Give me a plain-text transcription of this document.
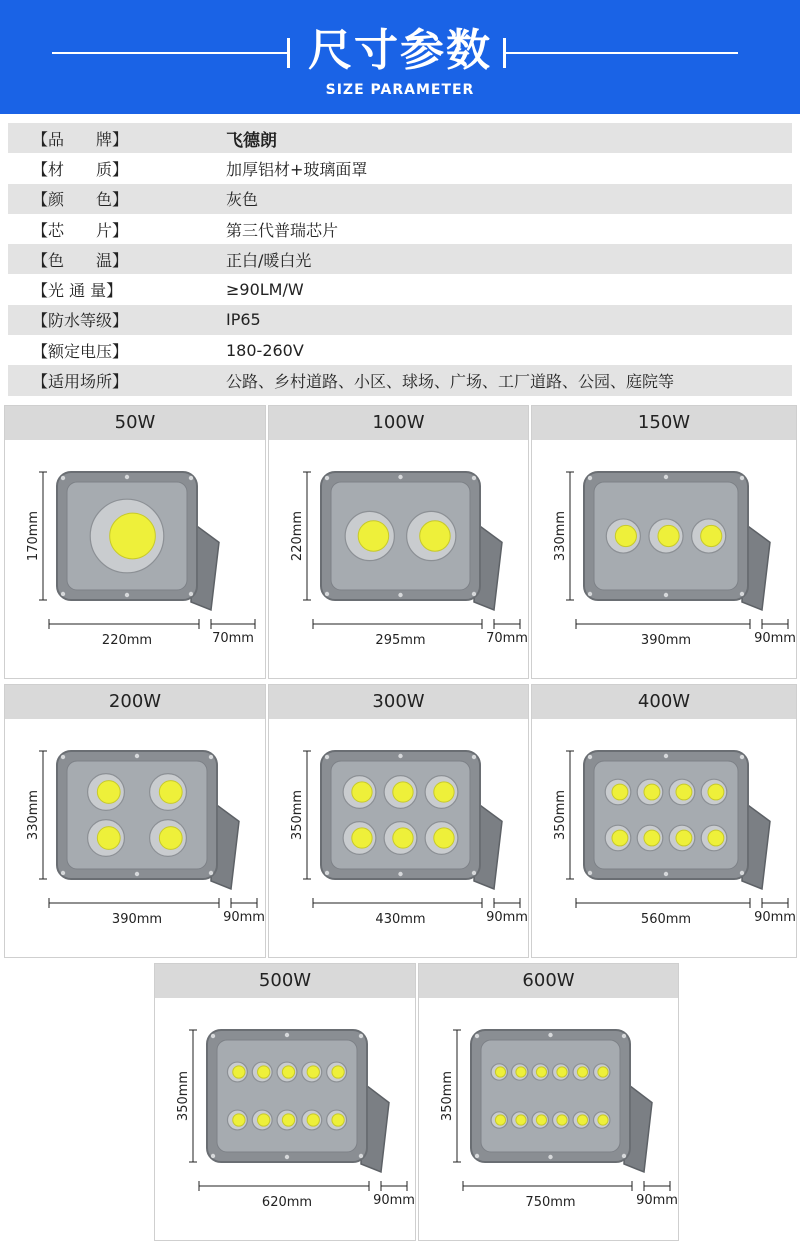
尺寸参数
SIZE PARAMETER
【品　　牌】	飞德朗
【材　　质】	加厚铝材+玻璃面罩
【颜　　色】	灰色
【芯　　片】	第三代普瑞芯片
【色　　温】	正白/暖白光
【光 通 量】	≥90LM/W
【防水等级】	IP65
【额定电压】	180-260V
【适用场所】	公路、乡村道路、小区、球场、广场、工厂道路、公园、庭院等
50W
170mm
220mm	70mm
100W
220mm
295mm	70mm
150W
330mm
390mm	90mm
200W
330mm
390mm	90mm
300W
350mm
430mm	90mm
400W
350mm
560mm	90mm
500W
350mm
620mm	90mm
600W
350mm
750mm	90mm
